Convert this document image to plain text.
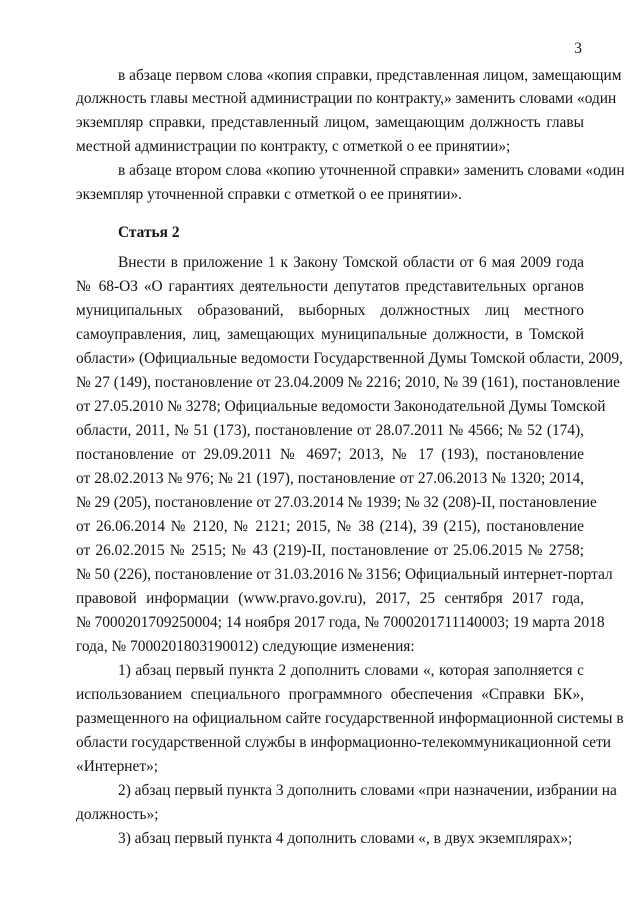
3

в абзаце первом слова «копия справки, представленная лицом, замещающим

должность главы местной администрации по контракту,» заменить словами «один

экземпляр справки, представленный лицом, замещающим должность главы

местной администрации по контракту, с отметкой о ее принятии»;

в абзаце втором слова «копию уточненной справки» заменить словами «один

экземпляр уточненной справки с отметкой о ее принятии».

Статья 2

Внести в приложение 1 к Закону Томской области от 6 мая 2009 года

№ 68-ОЗ «О гарантиях деятельности депутатов представительных органов

муниципальных образований, выборных должностных лиц местного

самоуправления, лиц, замещающих муниципальные должности, в Томской

области» (Официальные ведомости Государственной Думы Томской области, 2009,

№ 27 (149), постановление от 23.04.2009 № 2216; 2010, № 39 (161), постановление

от 27.05.2010 № 3278; Официальные ведомости Законодательной Думы Томской

области, 2011, № 51 (173), постановление от 28.07.2011 № 4566; № 52 (174),

постановление от 29.09.2011 № 4697; 2013, № 17 (193), постановление

от 28.02.2013 № 976; № 21 (197), постановление от 27.06.2013 № 1320; 2014,

№ 29 (205), постановление от 27.03.2014 № 1939; № 32 (208)-II, постановление

от 26.06.2014 № 2120, № 2121; 2015, № 38 (214), 39 (215), постановление

от 26.02.2015 № 2515; № 43 (219)-II, постановление от 25.06.2015 № 2758;

№ 50 (226), постановление от 31.03.2016 № 3156; Официальный интернет-портал

правовой информации (www.pravo.gov.ru), 2017, 25 сентября 2017 года,

№ 7000201709250004; 14 ноября 2017 года, № 7000201711140003; 19 марта 2018

года, № 7000201803190012) следующие изменения:

1) абзац первый пункта 2 дополнить словами «, которая заполняется с

использованием специального программного обеспечения «Справки БК»,

размещенного на официальном сайте государственной информационной системы в

области государственной службы в информационно-телекоммуникационной сети

«Интернет»;

2) абзац первый пункта 3 дополнить словами «при назначении, избрании на

должность»;

3) абзац первый пункта 4 дополнить словами «, в двух экземплярах»;
